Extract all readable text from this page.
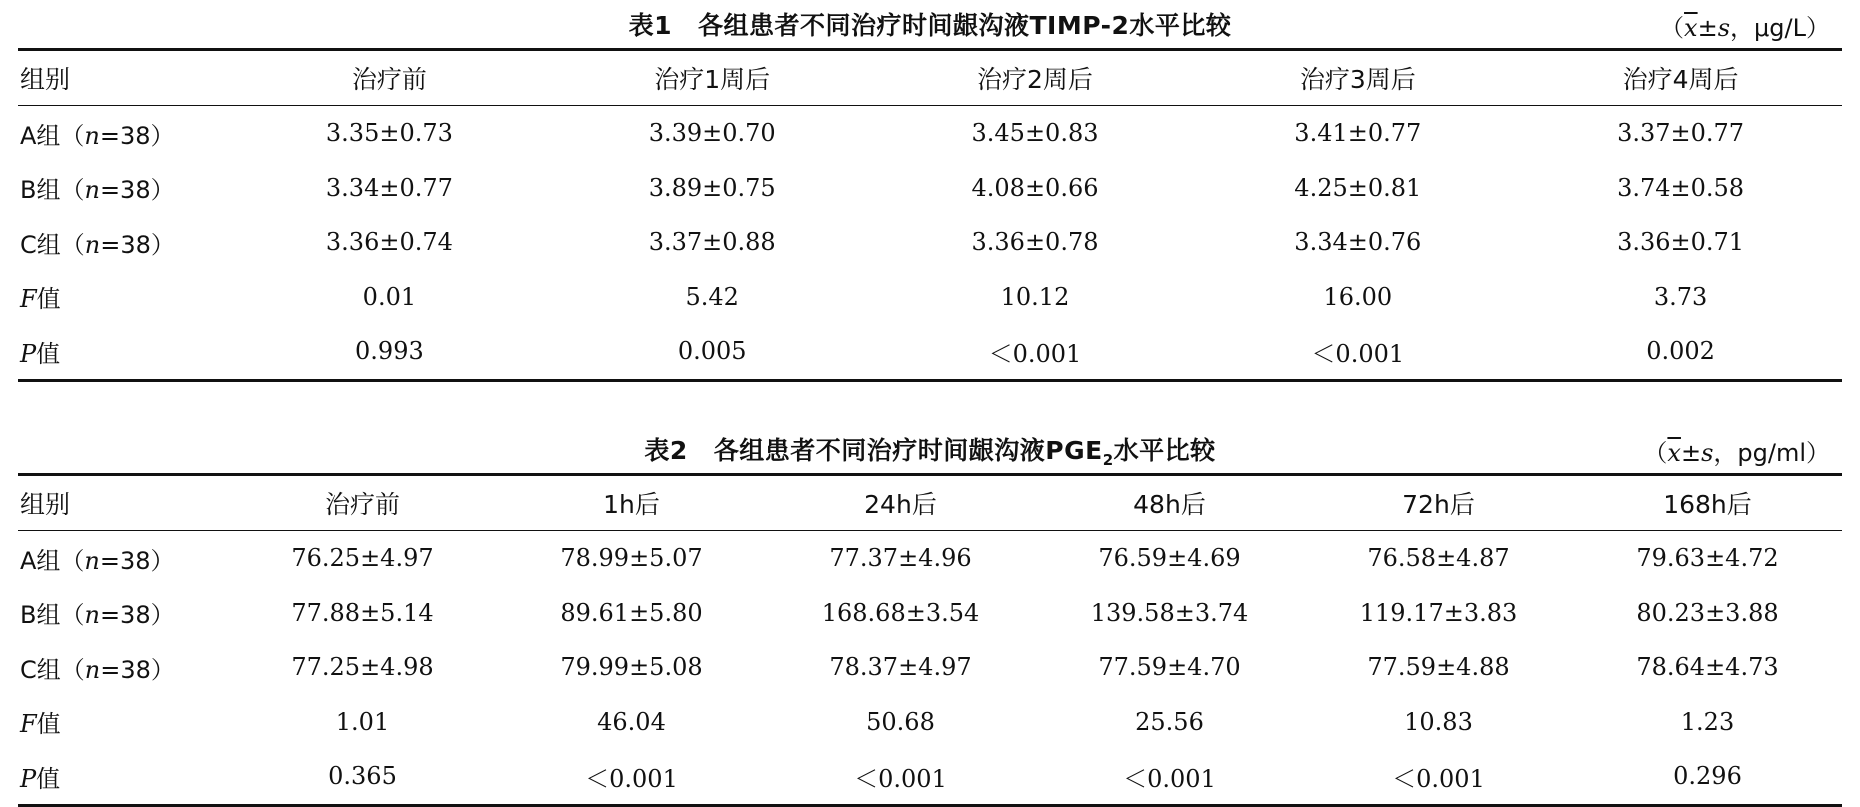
表1 各组患者不同治疗时间龈沟液TIMP-2水平比较	（$\overline{x}\pm s$，μg/L）
组别	治疗前	治疗1周后	治疗2周后	治疗3周后	治疗4周后
A组（n=38）	3.35±0.73	3.39±0.70	3.45±0.83	3.41±0.77	3.37±0.77
B组（n=38）	3.34±0.77	3.89±0.75	4.08±0.66	4.25±0.81	3.74±0.58
C组（n=38）	3.36±0.74	3.37±0.88	3.36±0.78	3.34±0.76	3.36±0.71
F值	0.01	5.42	10.12	16.00	3.73
P值	0.993	0.005	＜0.001	＜0.001	0.002
表2 各组患者不同治疗时间龈沟液$PGE_2$水平比较	（$\overline{x}\pm s$，pg/ml）
组别	治疗前	1h后	24h后	48h后	72h后	168h后
A组（n=38）	76.25±4.97	78.99±5.07	77.37±4.96	76.59±4.69	76.58±4.87	79.63±4.72
B组（n=38）	77.88±5.14	89.61±5.80	168.68±3.54	139.58±3.74	119.17±3.83	80.23±3.88
C组（n=38）	77.25±4.98	79.99±5.08	78.37±4.97	77.59±4.70	77.59±4.88	78.64±4.73
F值	1.01	46.04	50.68	25.56	10.83	1.23
P值	0.365	＜0.001	＜0.001	＜0.001	＜0.001	0.296
